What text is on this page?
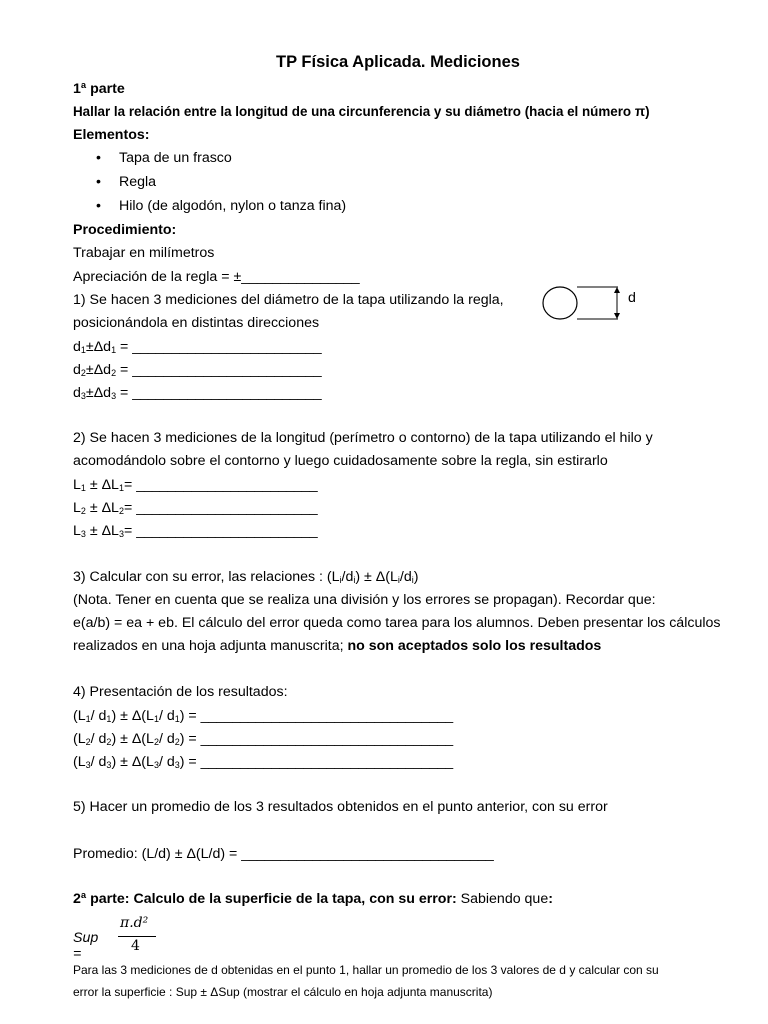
TP Física Aplicada. Mediciones
1ª parte
Hallar la relación entre la longitud de una circunferencia y su diámetro (hacia el número π)
Elementos:
• Tapa de un frasco
• Regla
• Hilo (de algodón, nylon o tanza fina)
Procedimiento:
Trabajar en milímetros
Apreciación de la regla = ±_______________
1) Se hacen 3 mediciones del diámetro de la tapa utilizando la regla,
posicionándola en distintas direcciones
d
$d_1\pm\Delta d_1$ = ________________________
$d_2\pm\Delta d_2$ = ________________________
$d_3\pm\Delta d_3$ = ________________________
2) Se hacen 3 mediciones de la longitud (perímetro o contorno) de la tapa utilizando el hilo y
acomodándolo sobre el contorno y luego cuidadosamente sobre la regla, sin estirarlo
$L_1 \pm \Delta L_1=$ _______________________
$L_2 \pm \Delta L_2=$ _______________________
$L_3 \pm \Delta L_3=$ _______________________
3) Calcular con su error, las relaciones : $(L_i/d_i) \pm \Delta(L_i/d_i)$
(Nota. Tener en cuenta que se realiza una división y los errores se propagan). Recordar que:
e(a/b) = ea + eb. El cálculo del error queda como tarea para los alumnos. Deben presentar los cálculos
realizados en una hoja adjunta manuscrita; no son aceptados solo los resultados
4) Presentación de los resultados:
($L_1/$ $d_1) \pm \Delta(L_1/$ $d_1$) = ________________________________
($L_2/$ $d_2) \pm \Delta(L_2/$ $d_2$) = ________________________________
($L_3/$ $d_3) \pm \Delta(L_3/$ $d_3$) = ________________________________
5) Hacer un promedio de los 3 resultados obtenidos en el punto anterior, con su error
Promedio: (L/d) ± Δ(L/d) = ________________________________
2ª parte: Calculo de la superficie de la tapa, con su error: Sabiendo que:
Sup =
π.d²
4
Para las 3 mediciones de d obtenidas en el punto 1, hallar un promedio de los 3 valores de d y calcular con su
error la superficie : Sup ± ΔSup (mostrar el cálculo en hoja adjunta manuscrita)
